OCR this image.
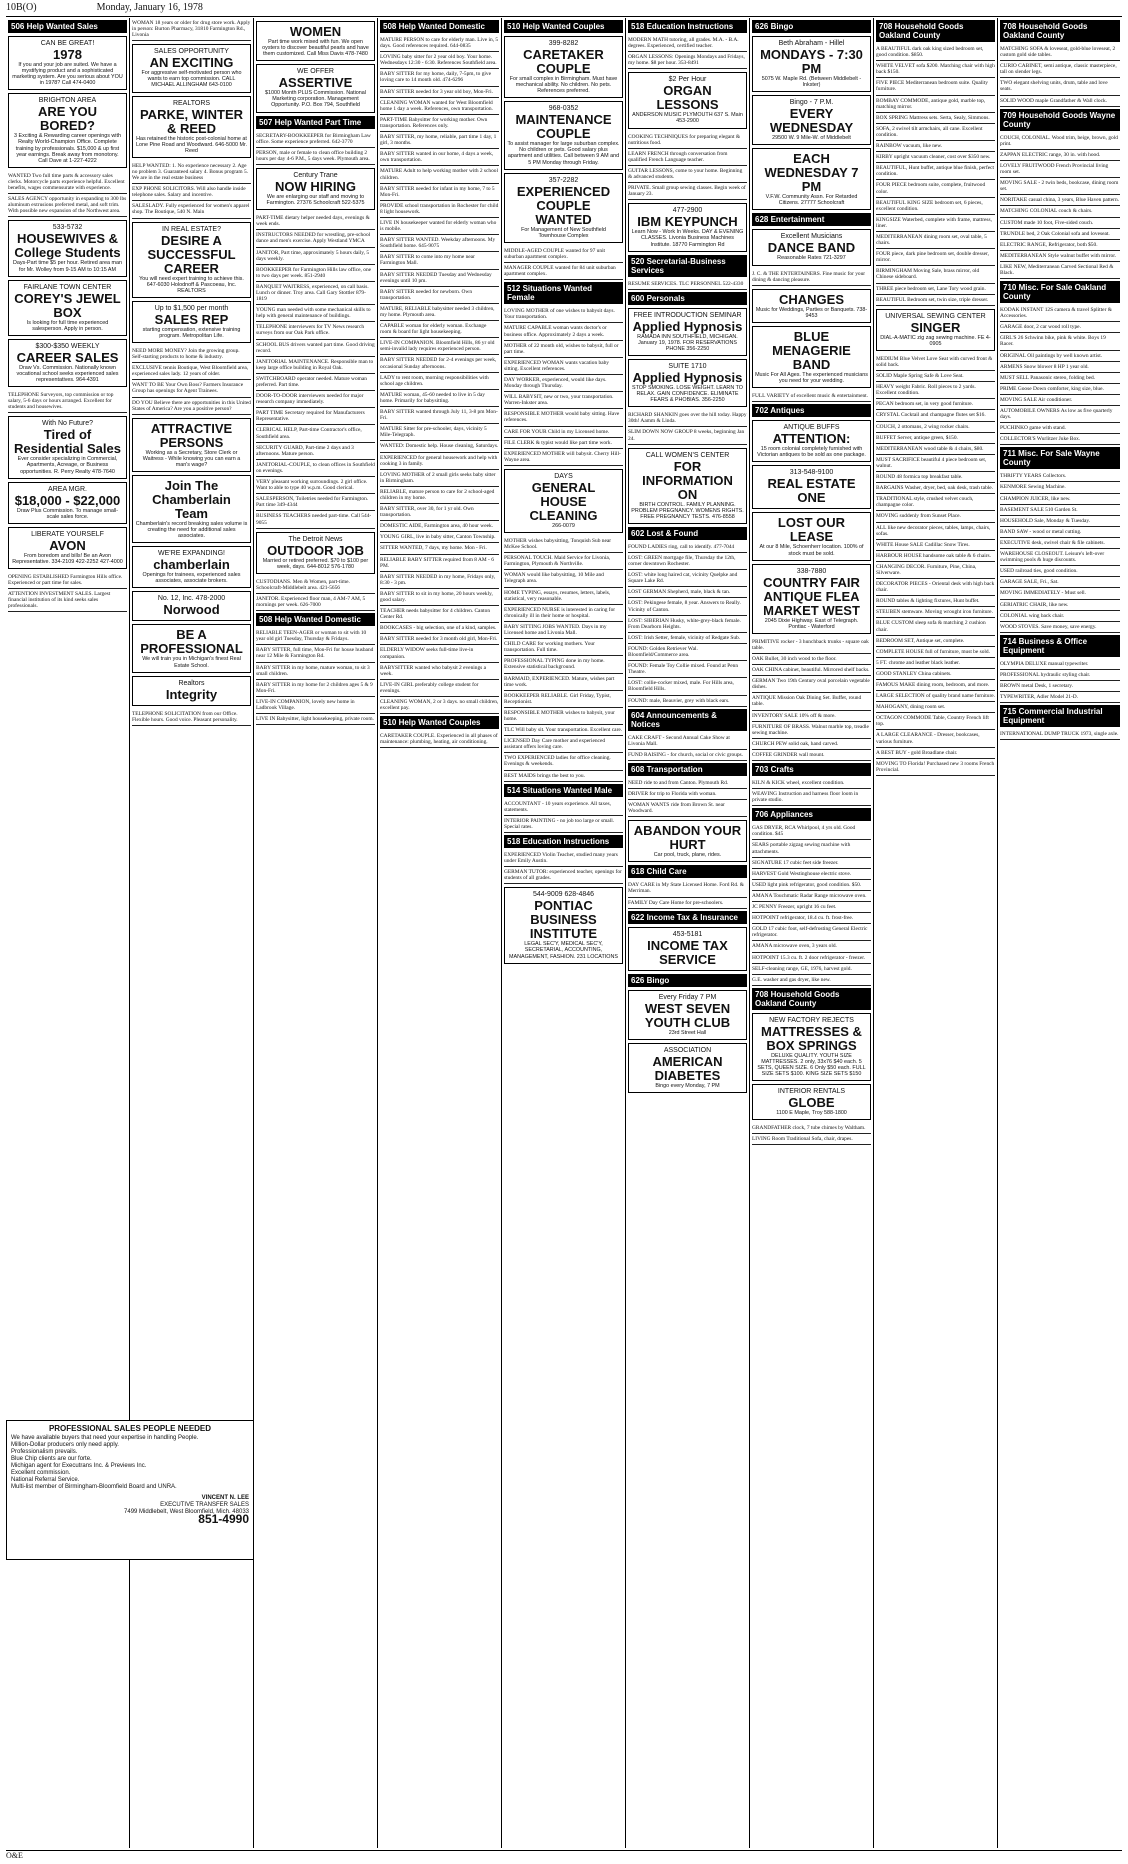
10B(O)	Monday, January 16, 1978
506 Help Wanted Sales
CAN BE GREAT!
1978
If you and your job are suited. We have a mystifying product and a sophisticated marketing system. Are you serious about YOU in 1978? Call 474-0400
BRIGHTON AREA
ARE YOU BORED?
3 Exciting & Rewarding career openings with Realty World-Champion Office. Complete training by professionals. $15,000 & up first year earnings. Break away from monotony. Call Dave at 1-227-4222

WANTED Two full time parts & accessory sales clerks. Motorcycle parts experience helpful. Excellent benefits, wages commensurate with experience.

SALES AGENCY opportunity in expanding to 300 lbs aluminum extrusions preferred metal, and soft trim. With possible new expansion of the Northwest area.

533-5732
HOUSEWIVES & College Students
Days-Part time $5 per hour. Retired area man for Mr. Wolley from 9-15 AM to 10:15 AM
FAIRLANE TOWN CENTER
COREY'S JEWEL BOX
Is looking for full time experienced salesperson. Apply in person.
$300-$350 WEEKLY
CAREER SALES
Draw Vs. Commission. Nationally known vocational school seeks experienced sales representatives. 964-4391

TELEPHONE Surveyors, top commission or top salary, 5-6 days or hours arranged. Excellent for students and housewives.

With No Future?
Tired of Residential Sales
Ever consider specializing in Commercial, Apartments, Acreage, or Business opportunities. R. Perry Realty 478-7640
AREA MGR.
$18,000 - $22,000
Draw Plus Commission. To manage small-scale sales force.
LIBERATE YOURSELF
AVON
From boredom and bills! Be an Avon Representative. 334-2109 422-2252 427-4000

OPENING ESTABLISHED Farmington Hills office. Experienced or part time for sales.

ATTENTION INVESTMENT SALES. Largest financial institution of its kind seeks sales professionals.

WOMAN 18 years or older for drug store work. Apply in person: Burton Pharmacy, 31810 Farmington Rd., Livonia

SALES OPPORTUNITY
AN EXCITING
For aggressive self-motivated person who wants to earn top commission. CALL MICHAEL ALLINGHAM 643-0100
REALTORS
PARKE, WINTER & REED
Has retained the historic post-colonial home at Lone Pine Road and Woodward. 646-5000 Mr. Reed

HELP WANTED: 1. No experience necessary 2. Age no problem 3. Guaranteed salary 4. Bonus program 5. We are in the real estate business

EXP PHONE SOLICITORS. Will also handle inside telephone sales. Salary and incentive.

SALESLADY. Fully experienced for women's apparel shop. The Boutique, 540 N. Main

IN REAL ESTATE?
DESIRE A SUCCESSFUL CAREER
You will need expert training to achieve this. 647-6030 Holodnoff & Pascoeau, Inc. REALTORS
Up to $1,500 per month
SALES REP
starting compensation, extensive training program. Metropolitan Life.

NEED MORE MONEY? Join the growing group. Self-starting products to home & industry.

EXCLUSIVE tennis Boutique, West Bloomfield area, experienced sales lady. 12 years of older.

WANT TO BE Your Own Boss? Farmers Insurance Group has openings for Agent Trainees.

DO YOU Believe there are opportunities in this United States of America? Are you a positive person?

ATTRACTIVE PERSONS
Working as a Secretary, Store Clerk or Waitress - While knowing you can earn a man's wage?
Join The Chamberlain Team
Chamberlain's record breaking sales volume is creating the need for additional sales associates.
WE'RE EXPANDING!
chamberlain
Openings for trainees, experienced sales associates, associate brokers.
No. 12, Inc. 478-2000
Norwood
BE A PROFESSIONAL
We will train you in Michigan's finest Real Estate School.
Realtors
Integrity

TELEPHONE SOLICITATION from our Office. Flexible hours. Good voice. Pleasant personality.

WOMEN
Part time work mixed with fun. We open oysters to discover beautiful pearls and have them customized. Call Miss Davis 478-7480
WE OFFER
ASSERTIVE
$1000 Month PLUS Commission. National Marketing corporation. Management Opportunity. P.O. Box 794, Southfield
507 Help Wanted Part Time

SECRETARY-BOOKKEEPER for Birmingham Law office. Some experience preferred. 642-3770

PERSON, male or female to clean office building 2 hours per day 4-6 P.M., 5 days week. Plymouth area.

Century Trane
NOW HIRING
We are enlarging our staff and moving to Farmington. 27376 Schoolcraft 522-5375

PART-TIME dietary helper needed days, evenings & week ends.

INSTRUCTORS NEEDED for wrestling, pre-school dance and men's exercise. Apply Westland YMCA

JANITOR, Part time, approximately 5 hours daily, 5 days weekly.

BOOKKEEPER for Farmington Hills law office, one to two days per week. 851-2940

BANQUET WAITRESS, experienced, on call basis. Lunch or dinner. Troy area. Call Gary Stottler 879-1819

YOUNG man needed with some mechanical skills to help with general maintenance of buildings.

TELEPHONE interviewers for TV News research surveys from our Oak Park office.

SCHOOL BUS drivers wanted part time. Good driving record.

JANITORIAL MAINTENANCE. Responsible man to keep large office building in Royal Oak.

SWITCHBOARD operator needed. Mature woman preferred. Part time.

DOOR-TO-DOOR interviewers needed for major research company immediately.

PART TIME Secretary required for Manufacturers Representative.

CLERICAL HELP, Part-time Contractor's office, Southfield area.

SECURITY GUARD, Part-time 2 days and 3 afternoons. Mature person.

JANITORIAL-COUPLE, to clean offices in Southfield on evenings.

VERY pleasant working surroundings. 2 girl office. Want to able to type 40 w.p.m. Good clerical.

SALESPERSON, Toiletries needed for Farmington. Part time 349-4344

BUSINESS TEACHERS needed part-time. Call 544-9055

The Detroit News
OUTDOOR JOB
Married or retired preferred. $70 to $100 per week, days. 644-8012 576-1780

CUSTODIANS. Men & Women, part-time. Schoolcraft-Middlebelt area. 421-5656

JANITOR. Experienced floor man, 4 AM-7 AM, 5 mornings per week. 626-7000

508 Help Wanted Domestic

RELIABLE TEEN-AGER or woman to sit with 10 year old girl Tuesday, Thursday & Fridays.

BABY SITTER, full time, Mon-Fri for house husband near 12 Mile & Farmington Rd.

BABY SITTER in my home, mature woman, to sit 3 small children.

BABY SITTER in my home for 2 children ages 5 & 9 Mon-Fri.

LIVE-IN COMPANION, lovely new home in Ladbrook Village.

LIVE IN Babysitter, light housekeeping, private room.

508 Help Wanted Domestic

MATURE PERSON to care for elderly man. Live in, 5 days. Good references required. 644-0835

LOVING baby sitter for 2 year old boy. Your home. Wednesdays 12:30 - 6:30. References Southfield area.

BABY SITTER for my home, daily, 7-5pm, to give loving care to 14 month old. 474-6296

BABY SITTER needed for 3 year old boy, Mon-Fri.

CLEANING WOMAN wanted for West Bloomfield home 1 day a week. References, own transportation.

PART-TIME Babysitter for working mother. Own transportation. References only.

BABY SITTER, my home, reliable, part time 1 day, 1 girl, 3 months.

BABY SITTER wanted in our home, 4 days a week, own transportation.

MATURE Adult to help working mother with 2 school children.

BABY SITTER needed for infant in my home, 7 to 5 Mon-Fri.

PROVIDE school transportation in Rochester for child 8 light housework.

LIVE IN housekeeper wanted for elderly woman who is mobile.

BABY SITTER WANTED. Weekday afternoons. My Southfield home. 645-9075

BABY SITTER to come into my home near Farmington Mall.

BABY SITTER NEEDED Tuesday and Wednesday evenings until 10 pm.

BABY SITTER needed for newborn. Own transportation.

MATURE, RELIABLE babysitter needed 3 children, my home. Plymouth area.

CAPABLE woman for elderly woman. Exchange room & board for light housekeeping.

LIVE-IN COMPANION. Bloomfield Hills, 86 yr old semi-invalid lady requires experienced person.

BABY SITTER NEEDED for 2-4 evenings per week, occasional Sunday afternoons.

LADY to rent room, morning responsibilities with school age children.

MATURE woman, 45-60 needed to live in 5 day home. Primarily for babysitting.

BABY SITTER wanted through July 11, 3-8 pm Mon-Fri.

MATURE Sitter for pre-schooler, days, vicinity 5 Mile-Telegraph.

WANTED: Domestic help. House cleaning, Saturdays.

EXPERIENCED for general housework and help with cooking 3 in family.

LOVING MOTHER of 2 small girls seeks baby sitter in Birmingham.

RELIABLE, mature person to care for 2 school-aged children in my home.

BABY SITTER, over 30, for 1 yr old. Own transportation.

DOMESTIC AIDE, Farmington area, 40 hour week.

YOUNG GIRL, live in baby sitter, Canton Township.

SITTER WANTED, 7 days, my home. Mon - Fri.

RELIABLE BABY SITTER required from 8 AM - 6 PM.

BABY SITTER NEEDED in my home, Fridays only, 8:30 - 3 pm.

BABY SITTER to sit in my home, 20 hours weekly, good salary.

TEACHER needs babysitter for 4 children. Canton Center Rd.

BOOKCASES - big selection, one of a kind, samples.

BABY SITTER needed for 3 month old girl, Mon-Fri.

ELDERLY WIDOW seeks full-time live-in companion.

BABYSITTER wanted who babysit 2 evenings a week.

LIVE-IN GIRL preferably college student for evenings.

CLEANING WOMAN, 2 or 3 days. no small children, excellent pay.

510 Help Wanted Couples

CARETAKER COUPLE. Experienced in all phases of maintenance: plumbing, heating, air conditioning.

510 Help Wanted Couples
399-8282
CARETAKER COUPLE
For small complex in Birmingham. Must have mechanical ability. No children. No pets. References preferred.
968-0352
MAINTENANCE COUPLE
To assist manager for large suburban complex. No children or pets. Good salary plus apartment and utilities. Call between 9 AM and 5 PM Monday through Friday.
357-2282
EXPERIENCED COUPLE WANTED
For Management of New Southfield Townhouse Complex

MIDDLE-AGED COUPLE wanted for 97 unit suburban apartment complex.

MANAGER COUPLE wanted for 84 unit suburban apartment complex.

512 Situations Wanted Female

LOVING MOTHER of one wishes to babysit days. Your transportation.

MATURE CAPABLE woman wants doctor's or business office. Approximately 2 days a week.

MOTHER of 22 month old, wishes to babysit, full or part time.

EXPERIENCED WOMAN wants vacation baby sitting. Excellent references.

DAY WORKER, experienced, would like days. Monday through Thursday.

WILL BABYSIT, new or two, your transportation. Warren-Inkster area.

RESPONSIBLE MOTHER would baby sitting. Have references.

CARE FOR YOUR Child in my Licensed home.

FILE CLERK & typist would like part time work.

EXPERIENCED MOTHER will babysit. Cherry Hill-Wayne area.

DAYS
GENERAL HOUSE CLEANING
266-0079

MOTHER wishes babysitting, Tonquish Sub near McKee School.

PERSONAL TOUCH. Maid Service for Livonia, Farmington, Plymouth & Northville.

WOMAN would like babysitting, 10 Mile and Telegraph area.

HOME TYPING, essays, resumes, letters, labels, statistical, very reasonable.

EXPERIENCED NURSE is interested in caring for chronically ill in their home or hospital.

BABY SITTING JOBS WANTED. Days in my Licensed home and Livonia Mall.

CHILD CARE for working mothers. Your transportation. Full time.

PROFESSIONAL TYPING done in my home. Extensive statistical background.

BARMAID, EXPERIENCED. Mature, wishes part time work.

BOOKKEEPER RELIABLE. Girl Friday, Typist, Receptionist.

RESPONSIBLE MOTHER wishes to babysit, your home.

TLC Will baby sit. Your transportation. Excellent care.

LICENSED Day Care mother and experienced assistant offers loving care.

TWO EXPERIENCED ladies for office cleaning. Evenings & weekends.

BEST MAIDS brings the best to you.

514 Situations Wanted Male

ACCOUNTANT - 10 years experience. All taxes, statements.

INTERIOR PAINTING - no job too large or small. Special rates.

518 Education Instructions

EXPERIENCED Violin Teacher, studied many years under Emily Austin.

GERMAN TUTOR: experienced teacher, openings for students of all grades.

544-9009 628-4846
PONTIAC BUSINESS INSTITUTE
LEGAL SEC'Y, MEDICAL SEC'Y, SECRETARIAL, ACCOUNTING, MANAGEMENT, FASHION. 231 LOCATIONS
518 Education Instructions

MODERN MATH tutoring, all grades. M.A. - B.A. degrees. Experienced, certified teacher.

ORGAN LESSONS: Openings Mondays and Fridays, my home. $8 per hour. 353-8491

$2 Per Hour
ORGAN LESSONS
ANDERSON MUSIC PLYMOUTH 637 S. Main 453-2900

COOKING TECHNIQUES for preparing elegant & nutritious food.

LEARN FRENCH through conversation from qualified French Language teacher.

GUITAR LESSONS, come to your home. Beginning & advanced students.

PRIVATE. Small group sewing classes. Begin week of January 23.

477-2900
IBM KEYPUNCH
Learn Now - Work In Weeks. DAY & EVENING CLASSES. Livonia Business Machines Institute. 18770 Farmington Rd
520 Secretarial-Business Services

RESUME SERVICES. TLC PERSONNEL 522-4330

600 Personals
FREE INTRODUCTION SEMINAR
Applied Hypnosis
RAMADA INN SOUTHFIELD, MICHIGAN. January 19, 1978. FOR RESERVATIONS PHONE 356-2250
SUITE 1710
Applied Hypnosis
STOP SMOKING. LOSE WEIGHT. LEARN TO RELAX. GAIN CONFIDENCE. ELIMINATE FEARS & PHOBIAS. 356-2250

RICHARD SHANKIN goes over the hill today. Happy 30th! Aamm & Linda.

SLIM DOWN NOW GROUP 8 weeks, beginning Jan 24.

CALL WOMEN'S CENTER
FOR INFORMATION ON
BIRTH CONTROL. FAMILY PLANNING. PROBLEM PREGNANCY. WOMENS RIGHTS. FREE PREGNANCY TESTS. 476-8558
602 Lost & Found

FOUND LADIES ring, call to identify. 477-7044

LOST: GREEN mortgage file, Thursday the 12th, corner downtown Rochester.

LOST: white long haired cat, vicinity Quelpke and Square Lake Rd.

LOST GERMAN Shepherd, male, black & tan.

LOST: Pekingese female, 8 year. Answers to Really. Vicinity of Canton.

LOST: SIBERIAN Husky, white-grey-black female. From Dearborn Heights.

LOST: Irish Setter, female, vicinity of Redgate Sub.

FOUND: Golden Retriever Wal. Bloomfield/Commerce area.

FOUND: Female Toy Collie mixed. Found at Penn Theatre.

LOST: collie-cocker mixed, male. For Hills area, Bloomfield Hills.

FOUND: male, Beauvier, grey with black ears.

604 Announcements & Notices

CAKE CRAFT - Second Annual Cake Show at Livonia Mall.

FUND RAISING - for church, social or civic groups.

608 Transportation

NEED ride to and from Canton. Plymouth Rd.

DRIVER for trip to Florida with woman.

WOMAN WANTS ride from Brown St. near Woodward.

ABANDON YOUR HURT
Car pool, truck, plane, rides.
618 Child Care

DAY CARE in My State Licensed Home. Ford Rd. & Merriman.

FAMILY Day Care Home for pre-schoolers.

622 Income Tax & Insurance
453-5181
INCOME TAX SERVICE
626 Bingo
Every Friday 7 PM
WEST SEVEN YOUTH CLUB
23rd Street Hall
ASSOCIATION
AMERICAN DIABETES
Bingo every Monday, 7 PM
626 Bingo
Beth Abraham - Hillel
MONDAYS - 7:30 PM
5075 W. Maple Rd. (Between Middlebelt - Inkster)
Bingo - 7 P.M.
EVERY WEDNESDAY
29500 W. 9 Mile-W. of Middlebelt
EACH WEDNESDAY 7 PM
V.F.W. Community Assn. For Retarded Citizens. 27777 Schoolcraft
628 Entertainment
Excellent Musicians
DANCE BAND
Reasonable Rates 721-3297

J. C. & THE ENTERTAINERS. Fine music for your dining & dancing pleasure.

CHANGES
Music for Weddings, Parties or Banquets. 738-9453
BLUE MENAGERIE BAND
Music For All Ages. The experienced musicians you need for your wedding.

FULL VARIETY of excellent music & entertainment.

702 Antiques
ANTIQUE BUFFS
ATTENTION:
15 room colonial completely furnished with Victorian antiques to be sold as one package.
313-548-9100
REAL ESTATE ONE
LOST OUR LEASE
At our 8 Mile, Schoenherr location. 100% of stock must be sold.
338-7880
COUNTRY FAIR ANTIQUE FLEA MARKET WEST
2045 Dixie Highway. East of Telegraph. Pontiac - Waterford

PRIMITIVE rocker - 3 hunchback trunks - square oak table.

OAK Bullet, 30 inch wood to the floor.

OAK CHINA cabinet, beautiful. Mirrored shelf backs.

GERMAN Two 19th Century oval porcelain vegetable dishes.

ANTIQUE Mission Oak Dining Set. Buffet, round table.

INVENTORY SALE 10% off & more.

FURNITURE OF BRASS. Walnut marble top, treadle sewing machine.

CHURCH PEW solid oak, hand carved.

COFFEE GRINDER wall mount.

703 Crafts

KILN & KICK wheel, excellent condition.

WEAVING Instruction and harness floor loom in private studio.

706 Appliances

GAS DRYER, RCA Whirlpool, 4 yrs old. Good condition. $45

SEARS portable zigzag sewing machine with attachments.

SIGNATURE 17 cubic feet side freezer.

HARVEST Gold Westinghouse electric stove.

USED light pink refrigerator, good condition. $50.

AMANA Touchmatic Radar Range microwave oven.

JC PENNY Freezer, upright 16 cu feet.

HOTPOINT refrigerator, 18.4 cu. ft. frost-free.

GOLD 17 cubic foot, self-defrosting General Electric refrigerator.

AMANA microwave oven, 3 years old.

HOTPOINT 15.3 cu. ft. 2 door refrigerator - freezer.

SELF-cleaning range, GE, 1976, harvest gold.

G.E. washer and gas dryer, like new.

708 Household Goods Oakland County
NEW FACTORY REJECTS
MATTRESSES & BOX SPRINGS
DELUXE QUALITY. YOUTH SIZE MATTRESSES. 2 only, 33x76 $40 each. 5 SETS, QUEEN SIZE. 6 Only $50 each. FULL SIZE SETS $100. KING SIZE SETS $150
INTERIOR RENTALS
GLOBE
1100 E Maple, Troy 588-1800

GRANDFATHER clock, 7 tube chimes by Waltham.

LIVING Room Traditional Sofa, chair, drapes.

708 Household Goods Oakland County

A BEAUTIFUL dark oak king sized bedroom set, good condition. $850.

WHITE VELVET sofa $200. Matching chair with high back $150.

FIVE PIECE Mediterranean bedroom suite. Quality furniture.

BOMBAY COMMODE, antique gold, marble top, matching mirror.

BOX SPRING Mattress sets. Serta, Sealy, Simmons.

SOFA, 2 swivel tilt armchairs, all cane. Excellent condition.

RAINBOW vacuum, like new.

KIRBY upright vacuum cleaner, cost over $350 new.

BEAUTIFUL, Hunt buffet, antique blue finish, perfect condition.

FOUR PIECE bedroom suite, complete, fruitwood color.

BEAUTIFUL KING SIZE bedroom set, 6 pieces, excellent condition.

KINGSIZE Waterbed, complete with frame, mattress, liner.

MEDITERRANEAN dining room set, oval table, 5 chairs.

FOUR piece, dark pine bedroom set, double dresser, mirror.

BIRMINGHAM Moving Sale, brass mirror, old Chinese sideboard.

THREE piece bedroom set, Lane Tory wood grain.

BEAUTIFUL Bedroom set, twin size, triple dresser.

UNIVERSAL SEWING CENTER
SINGER
DIAL-A-MATIC zig zag sewing machine. FE 4-0905

MEDIUM Blue Velvet Love Seat with curved front & solid back.

SOLID Maple Spring Safe & Love Seat.

HEAVY weight Fabric. Roll pieces to 2 yards. Excellent condition.

PECAN bedroom set, in very good furniture.

CRYSTAL Cocktail and champagne flutes set $16.

COUCH, 2 ottomans, 2 wing rocker chairs.

BUFFET Server, antique green, $150.

MEDITERRANEAN wood table & 4 chairs, $80.

MUST SACRIFICE beautiful 4 piece bedroom set, walnut.

ROUND 48 formica top breakfast table.

BARGAINS Washer, dryer, bed, oak desk, trash table.

TRADITIONAL style, crushed velvet couch, champagne color.

MOVING suddenly from Sunset Place.

ALL like new decorator pieces, tables, lamps, chairs, sofas.

WHITE House SALE Cadillac Snow Tires.

HARBOUR HOUSE handsome oak table & 6 chairs.

CHANGING DECOR. Furniture, Pine, China, Silverware.

DECORATOR PIECES - Oriental desk with high back chair.

ROUND tables & lighting fixtures, Hunt buffet.

STEUBEN stemware. Moving wrought iron furniture.

BLUE CUSTOM sleep sofa & matching 2 cushion chair.

BEDROOM SET, Antique set, complete.

COMPLETE HOUSE full of furniture, must be sold.

5 FT. chrome and leather black leather.

GOOD STANLEY China cabinets.

FAMOUS MAKE dining room, bedroom, and more.

LARGE SELECTION of quality brand name furniture.

MAHOGANY, dining room set.

OCTAGON COMMODE Table, Country French lift top.

A LARGE CLEARANCE - Dresser, bookcases, various furniture.

A BEST BUY - gold Broadlane chair.

MOVING TO Florida! Purchased new 3 rooms French Provincial.

708 Household Goods Oakland County

MATCHING SOFA & loveseat, gold-blue loveseat, 2 custom gold side tables.

CURIO CABINET, semi antique, classic masterpiece, tall on slender legs.

TWO elegant shelving units, drum, table and love seats.

SOLID WOOD maple Grandfather & Wall clock.

709 Household Goods Wayne County

COUCH, COLONIAL. Wood trim, beige, brown, gold print.

ZAPPAN ELECTRIC range, 30 in. with hood.

LOVELY FRUITWOOD French Provincial living room set.

MOVING SALE - 2 twin beds, bookcase, dining room set.

NORITAKE casual china, 3 years, Blue Haven pattern.

MATCHING COLONIAL couch & chairs.

CUSTOM made 10 foot, Five-sided couch.

TRUNDLE bed, 2 Oak Colonial sofa and loveseat.

ELECTRIC RANGE, Refrigerator, both $50.

MEDITERRANEAN Style walnut buffet with mirror.

LIKE NEW, Mediterranean Carved Sectional Red & Black.

710 Misc. For Sale Oakland County

KODAK INSTANT 12S camera & travel Splitter & Accessories.

GARAGE door, 2 car wood roll type.

GIRL'S 26 Schwinn bike, pink & white. Boys 19 Racer.

ORIGINAL Oil paintings by well known artist.

ARMENS Snow blower 8 HP 1 year old.

MUST SELL Panasonic stereo, folding bed.

PRIME Goose Down comforter, king size, blue.

MOVING SALE Air conditioner.

AUTOMOBILE OWNERS As low as five quarterly days.

PUCHINKO game with stand.

COLLECTOR'S Wurlitzer Juke Box.

711 Misc. For Sale Wayne County

THRIFTY YEARS Collectors.

KENMORE Sewing Machine.

CHAMPION JUICER, like new.

BASEMENT SALE 510 Garden St.

HOUSEHOLD Sale, Monday & Tuesday.

BAND SAW - wood or metal cutting.

EXECUTIVE desk, swivel chair & file cabinets.

WAREHOUSE CLOSEOUT. Leisure's left-over swimming pools & huge discounts.

USED railroad ties, good condition.

GARAGE SALE, Fri., Sat.

MOVING IMMEDIATELY - Must sell.

GERIATRIC CHAIR, like new.

COLONIAL wing back chair.

WOOD STOVES. Save money, save energy.

714 Business & Office Equipment

OLYMPIA DELUXE manual typewriter.

PROFESSIONAL hydraulic styling chair.

BROWN metal Desk, 1 secretary.

TYPEWRITER, Adler Model 21-D.

715 Commercial Industrial Equipment

INTERNATIONAL DUMP TRUCK 1973, single axle.

PROFESSIONAL SALES PEOPLE NEEDED
We have available buyers that need your expertise in handling People.
Million-Dollar producers only need apply.
Professionalism prevails.
Blue Chip clients are our forte.
Michigan agent for Executrans Inc. & Previews Inc.
Excellent commission.
National Referral Service.
Multi-list member of Birmingham-Bloomfield Board and UNRA.
VINCENT N. LEE
EXECUTIVE TRANSFER SALES
7499 Middlebelt, West Bloomfield, Mich. 48033
851-4990
O&E
